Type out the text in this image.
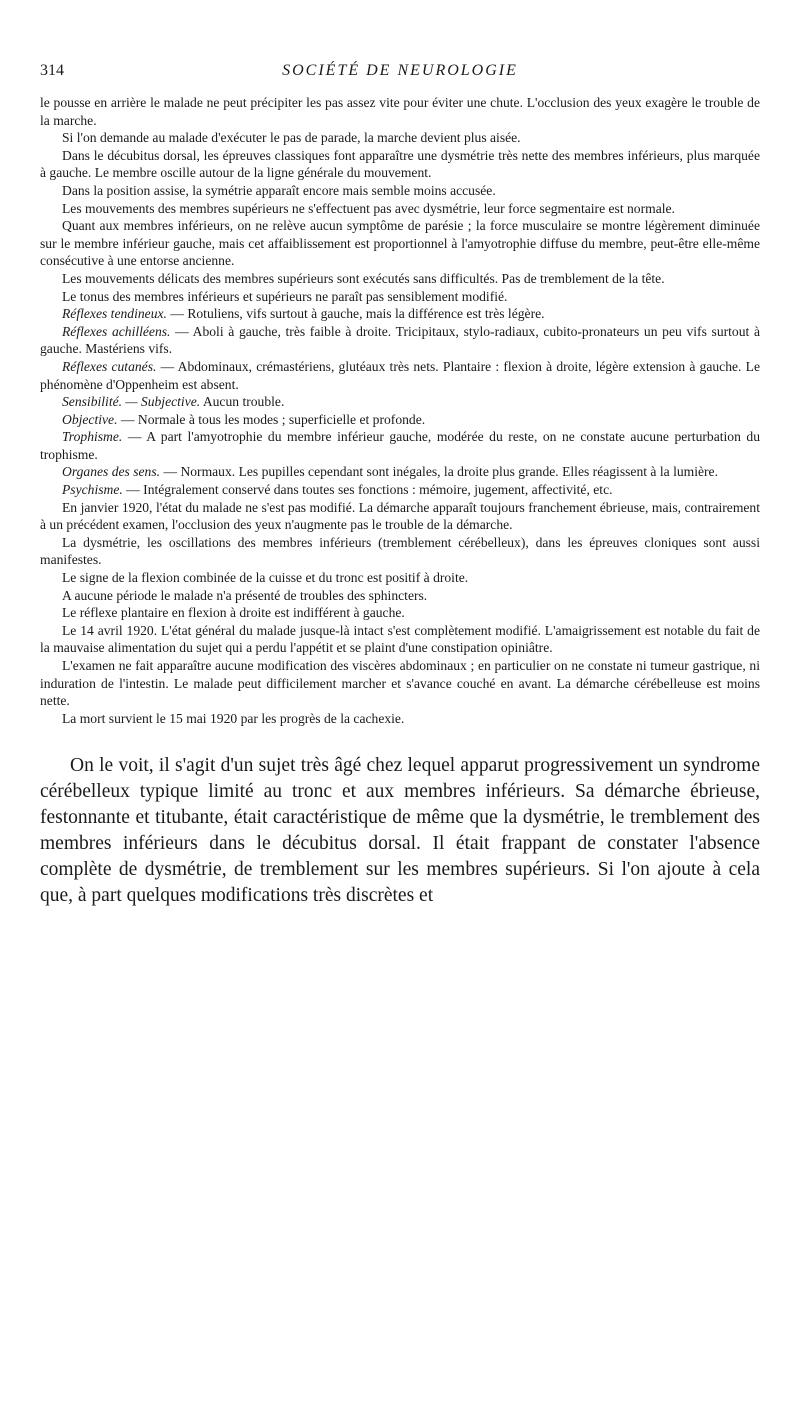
314	SOCIÉTÉ DE NEUROLOGIE

le pousse en arrière le malade ne peut précipiter les pas assez vite pour éviter une chute. L'occlusion des yeux exagère le trouble de la marche.

Si l'on demande au malade d'exécuter le pas de parade, la marche devient plus aisée.

Dans le décubitus dorsal, les épreuves classiques font apparaître une dysmétrie très nette des membres inférieurs, plus marquée à gauche. Le membre oscille autour de la ligne générale du mouvement.

Dans la position assise, la symétrie apparaît encore mais semble moins accusée.

Les mouvements des membres supérieurs ne s'effectuent pas avec dysmétrie, leur force segmentaire est normale.

Quant aux membres inférieurs, on ne relève aucun symptôme de parésie ; la force musculaire se montre légèrement diminuée sur le membre inférieur gauche, mais cet affaiblissement est proportionnel à l'amyotrophie diffuse du membre, peut-être elle-même consécutive à une entorse ancienne.

Les mouvements délicats des membres supérieurs sont exécutés sans difficultés. Pas de tremblement de la tête.

Le tonus des membres inférieurs et supérieurs ne paraît pas sensiblement modifié.

Réflexes tendineux. — Rotuliens, vifs surtout à gauche, mais la différence est très légère.

Réflexes achilléens. — Aboli à gauche, très faible à droite. Tricipitaux, stylo-radiaux, cubito-pronateurs un peu vifs surtout à gauche. Mastériens vifs.

Réflexes cutanés. — Abdominaux, crémastériens, glutéaux très nets. Plantaire : flexion à droite, légère extension à gauche. Le phénomène d'Oppenheim est absent.

Sensibilité. — Subjective. Aucun trouble.

Objective. — Normale à tous les modes ; superficielle et profonde.

Trophisme. — A part l'amyotrophie du membre inférieur gauche, modérée du reste, on ne constate aucune perturbation du trophisme.

Organes des sens. — Normaux. Les pupilles cependant sont inégales, la droite plus grande. Elles réagissent à la lumière.

Psychisme. — Intégralement conservé dans toutes ses fonctions : mémoire, jugement, affectivité, etc.

En janvier 1920, l'état du malade ne s'est pas modifié. La démarche apparaît toujours franchement ébrieuse, mais, contrairement à un précédent examen, l'occlusion des yeux n'augmente pas le trouble de la démarche.

La dysmétrie, les oscillations des membres inférieurs (tremblement cérébelleux), dans les épreuves cloniques sont aussi manifestes.

Le signe de la flexion combinée de la cuisse et du tronc est positif à droite.

A aucune période le malade n'a présenté de troubles des sphincters.

Le réflexe plantaire en flexion à droite est indifférent à gauche.

Le 14 avril 1920. L'état général du malade jusque-là intact s'est complètement modifié. L'amaigrissement est notable du fait de la mauvaise alimentation du sujet qui a perdu l'appétit et se plaint d'une constipation opiniâtre.

L'examen ne fait apparaître aucune modification des viscères abdominaux ; en particulier on ne constate ni tumeur gastrique, ni induration de l'intestin. Le malade peut difficilement marcher et s'avance couché en avant. La démarche cérébelleuse est moins nette.

La mort survient le 15 mai 1920 par les progrès de la cachexie.

On le voit, il s'agit d'un sujet très âgé chez lequel apparut progressivement un syndrome cérébelleux typique limité au tronc et aux membres inférieurs. Sa démarche ébrieuse, festonnante et titubante, était caractéristique de même que la dysmétrie, le tremblement des membres inférieurs dans le décubitus dorsal. Il était frappant de constater l'absence complète de dysmétrie, de tremblement sur les membres supérieurs. Si l'on ajoute à cela que, à part quelques modifications très discrètes et
